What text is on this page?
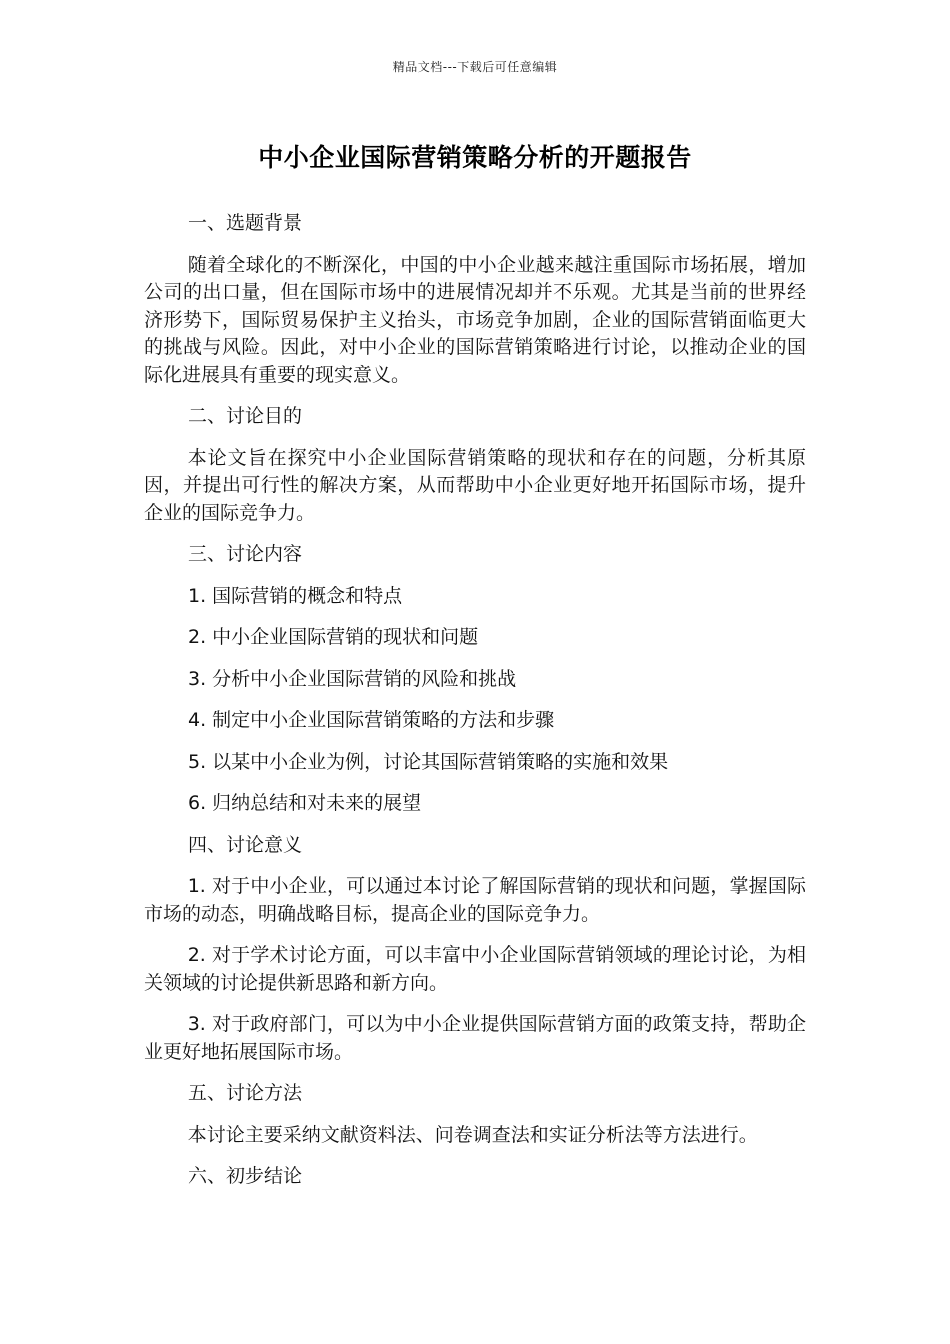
精品文档---下载后可任意编辑
中小企业国际营销策略分析的开题报告

一、选题背景

随着全球化的不断深化，中国的中小企业越来越注重国际市场拓展，增加公司的出口量，但在国际市场中的进展情况却并不乐观。尤其是当前的世界经济形势下，国际贸易保护主义抬头，市场竞争加剧，企业的国际营销面临更大的挑战与风险。因此，对中小企业的国际营销策略进行讨论，以推动企业的国际化进展具有重要的现实意义。

二、讨论目的

本论文旨在探究中小企业国际营销策略的现状和存在的问题，分析其原因，并提出可行性的解决方案，从而帮助中小企业更好地开拓国际市场，提升企业的国际竞争力。

三、讨论内容

1. 国际营销的概念和特点

2. 中小企业国际营销的现状和问题

3. 分析中小企业国际营销的风险和挑战

4. 制定中小企业国际营销策略的方法和步骤

5. 以某中小企业为例，讨论其国际营销策略的实施和效果

6. 归纳总结和对未来的展望

四、讨论意义

1. 对于中小企业，可以通过本讨论了解国际营销的现状和问题，掌握国际市场的动态，明确战略目标，提高企业的国际竞争力。

2. 对于学术讨论方面，可以丰富中小企业国际营销领域的理论讨论，为相关领域的讨论提供新思路和新方向。

3. 对于政府部门，可以为中小企业提供国际营销方面的政策支持，帮助企业更好地拓展国际市场。

五、讨论方法

本讨论主要采纳文献资料法、问卷调查法和实证分析法等方法进行。

六、初步结论
